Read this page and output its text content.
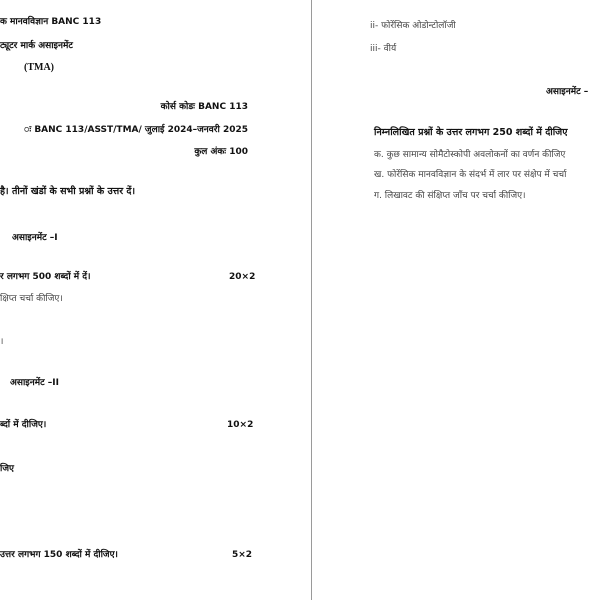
क मानवविज्ञान BANC 113
ट्यूटर मार्क असाइनमेंट
(TMA)
कोर्स कोडः BANC 113
ः BANC 113/ASST/TMA/ जुलाई 2024–जनवरी 2025
कुल अंकः 100
है। तीनों खंडों के सभी प्रश्नों के उत्तर दें।
असाइनमेंट –I
र लगभग 500 शब्दों में दें।	20×2
क्षिप्त चर्चा कीजिए।
।
असाइनमेंट –II
ब्दों में दीजिए।	10×2
जिए
उत्तर लगभग 150 शब्दों में दीजिए।	5×2
ii- फोरेंसिक ओडोन्टोलॉजी
iii- वीर्य
असाइनमेंट –
निम्नलिखित प्रश्नों के उत्तर लगभग 250 शब्दों में दीजिए
क. कुछ सामान्य सोमैटोस्कोपी अवलोकनों का वर्णन कीजिए
ख. फोरेंसिक मानवविज्ञान के संदर्भ में लार पर संक्षेप में चर्चा
ग. लिखावट की संक्षिप्त जाँच पर चर्चा कीजिए।
